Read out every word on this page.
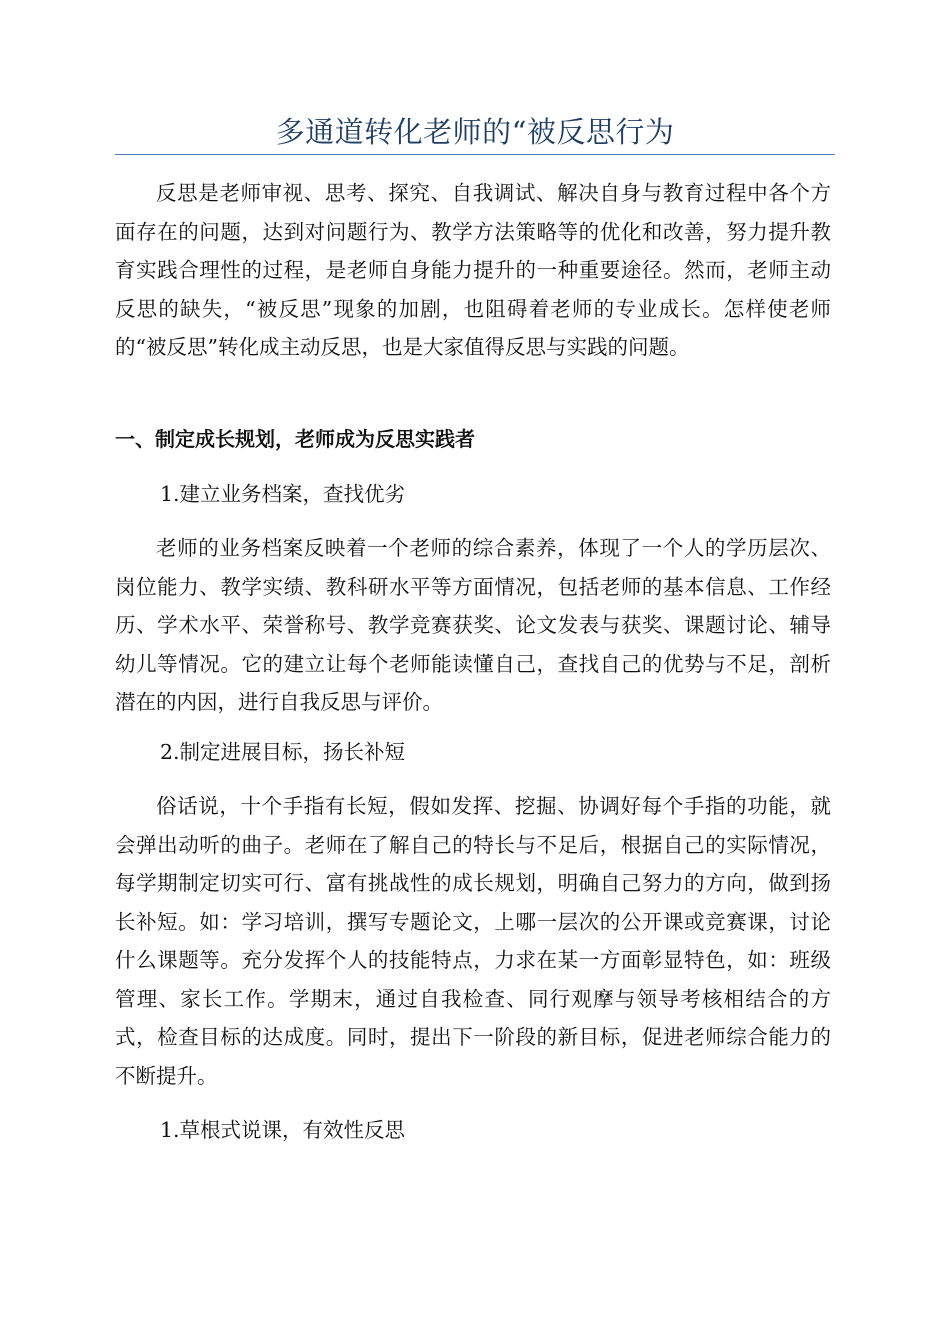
多通道转化老师的“被反思行为

反思是老师审视、思考、探究、自我调试、解决自身与教育过程中各个方面存在的问题，达到对问题行为、教学方法策略等的优化和改善，努力提升教育实践合理性的过程，是老师自身能力提升的一种重要途径。然而，老师主动反思的缺失，“被反思”现象的加剧，也阻碍着老师的专业成长。怎样使老师的“被反思”转化成主动反思，也是大家值得反思与实践的问题。

一、制定成长规划，老师成为反思实践者

1.建立业务档案，查找优劣

老师的业务档案反映着一个老师的综合素养，体现了一个人的学历层次、岗位能力、教学实绩、教科研水平等方面情况，包括老师的基本信息、工作经历、学术水平、荣誉称号、教学竞赛获奖、论文发表与获奖、课题讨论、辅导幼儿等情况。它的建立让每个老师能读懂自己，查找自己的优势与不足，剖析潜在的内因，进行自我反思与评价。

2.制定进展目标，扬长补短

俗话说，十个手指有长短，假如发挥、挖掘、协调好每个手指的功能，就会弹出动听的曲子。老师在了解自己的特长与不足后，根据自己的实际情况，每学期制定切实可行、富有挑战性的成长规划，明确自己努力的方向，做到扬长补短。如：学习培训，撰写专题论文，上哪一层次的公开课或竞赛课，讨论什么课题等。充分发挥个人的技能特点，力求在某一方面彰显特色，如：班级管理、家长工作。学期末，通过自我检查、同行观摩与领导考核相结合的方式，检查目标的达成度。同时，提出下一阶段的新目标，促进老师综合能力的不断提升。

1.草根式说课，有效性反思
